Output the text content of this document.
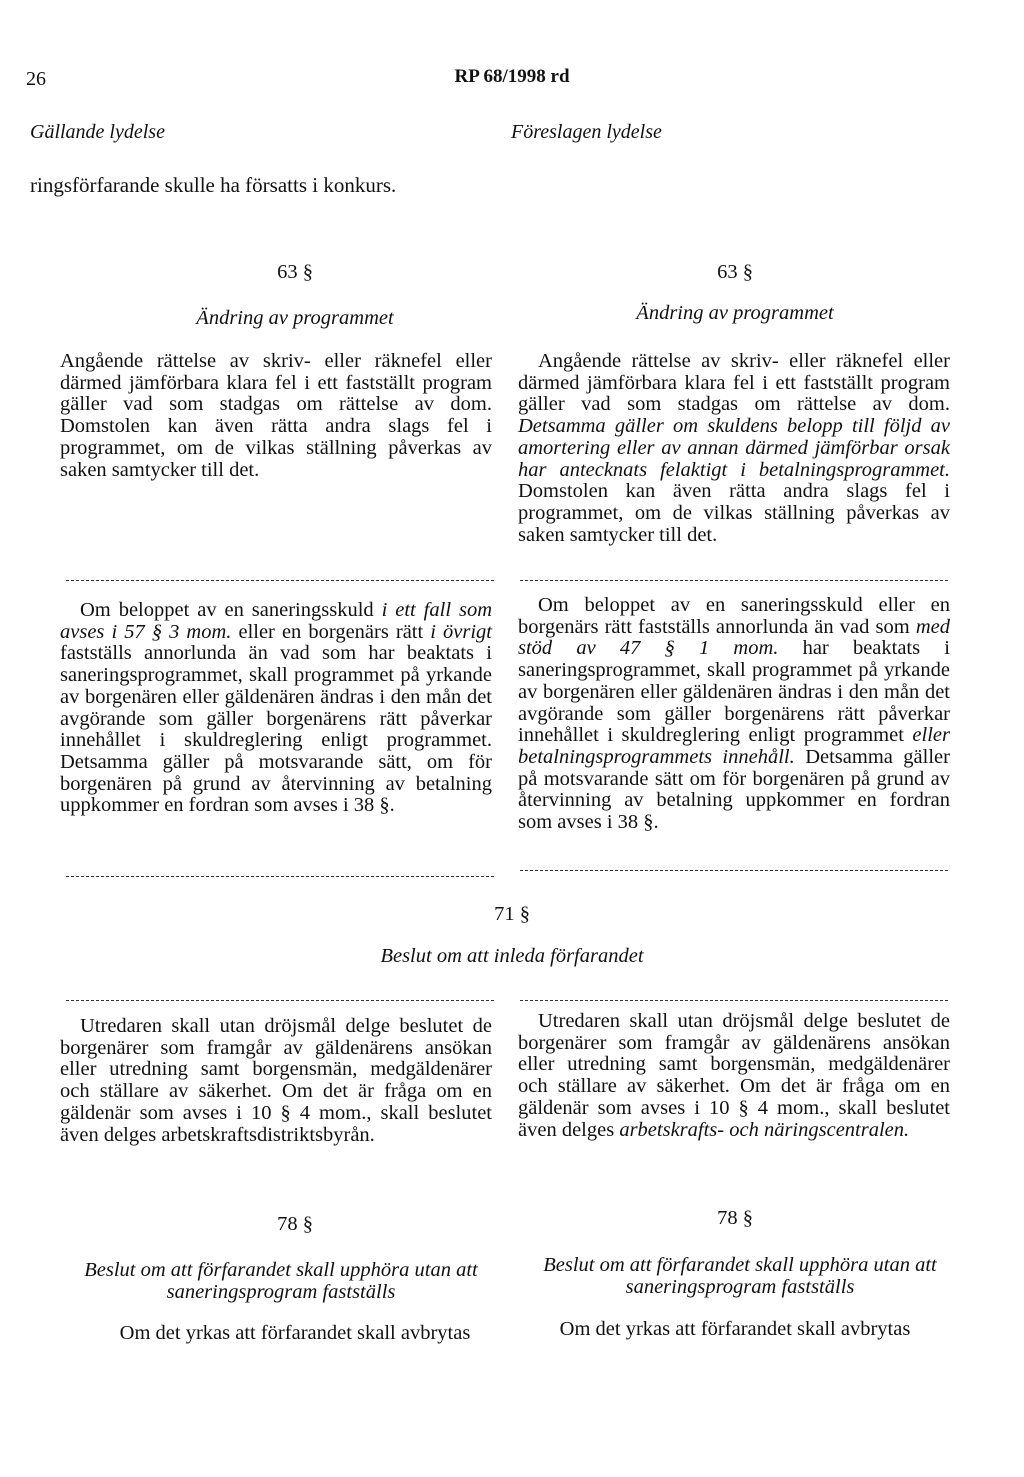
26	RP 68/1998 rd
Gällande lydelse	Föreslagen lydelse
ringsförfarande skulle ha försatts i konkurs.
63 §
Ändring av programmet

Angående rättelse av skriv- eller räknefel eller därmed jämförbara klara fel i ett fastställt program gäller vad som stadgas om rättelse av dom. Domstolen kan även rätta andra slags fel i programmet, om de vilkas ställning påverkas av saken samtycker till det.

Om beloppet av en saneringsskuld i ett fall som avses i 57 § 3 mom. eller en borgenärs rätt i övrigt fastställs annorlunda än vad som har beaktats i saneringsprogrammet, skall programmet på yrkande av borgenären eller gäldenären ändras i den mån det avgörande som gäller borgenärens rätt påverkar innehållet i skuldreglering enligt programmet. Detsamma gäller på motsvarande sätt, om för borgenären på grund av återvinning av betalning uppkommer en fordran som avses i 38 §.

63 §
Ändring av programmet

Angående rättelse av skriv- eller räknefel eller därmed jämförbara klara fel i ett fastställt program gäller vad som stadgas om rättelse av dom. Detsamma gäller om skuldens belopp till följd av amortering eller av annan därmed jämförbar orsak har antecknats felaktigt i betalningsprogrammet. Domstolen kan även rätta andra slags fel i programmet, om de vilkas ställning påverkas av saken samtycker till det.

Om beloppet av en saneringsskuld eller en borgenärs rätt fastställs annorlunda än vad som med stöd av 47 § 1 mom. har beaktats i saneringsprogrammet, skall programmet på yrkande av borgenären eller gäldenären ändras i den mån det avgörande som gäller borgenärens rätt påverkar innehållet i skuldreglering enligt programmet eller betalningsprogrammets innehåll. Detsamma gäller på motsvarande sätt om för borgenären på grund av återvinning av betalning uppkommer en fordran som avses i 38 §.

71 §
Beslut om att inleda förfarandet

Utredaren skall utan dröjsmål delge beslutet de borgenärer som framgår av gäldenärens ansökan eller utredning samt borgensmän, medgäldenärer och ställare av säkerhet. Om det är fråga om en gäldenär som avses i 10 § 4 mom., skall beslutet även delges arbetskraftsdistriktsbyrån.

Utredaren skall utan dröjsmål delge beslutet de borgenärer som framgår av gäldenärens ansökan eller utredning samt borgensmän, medgäldenärer och ställare av säkerhet. Om det är fråga om en gäldenär som avses i 10 § 4 mom., skall beslutet även delges arbetskrafts- och näringscentralen.

78 §
Beslut om att förfarandet skall upphöra utan att saneringsprogram fastställs
Om det yrkas att förfarandet skall avbrytas
78 §
Beslut om att förfarandet skall upphöra utan att saneringsprogram fastställs
Om det yrkas att förfarandet skall avbrytas
